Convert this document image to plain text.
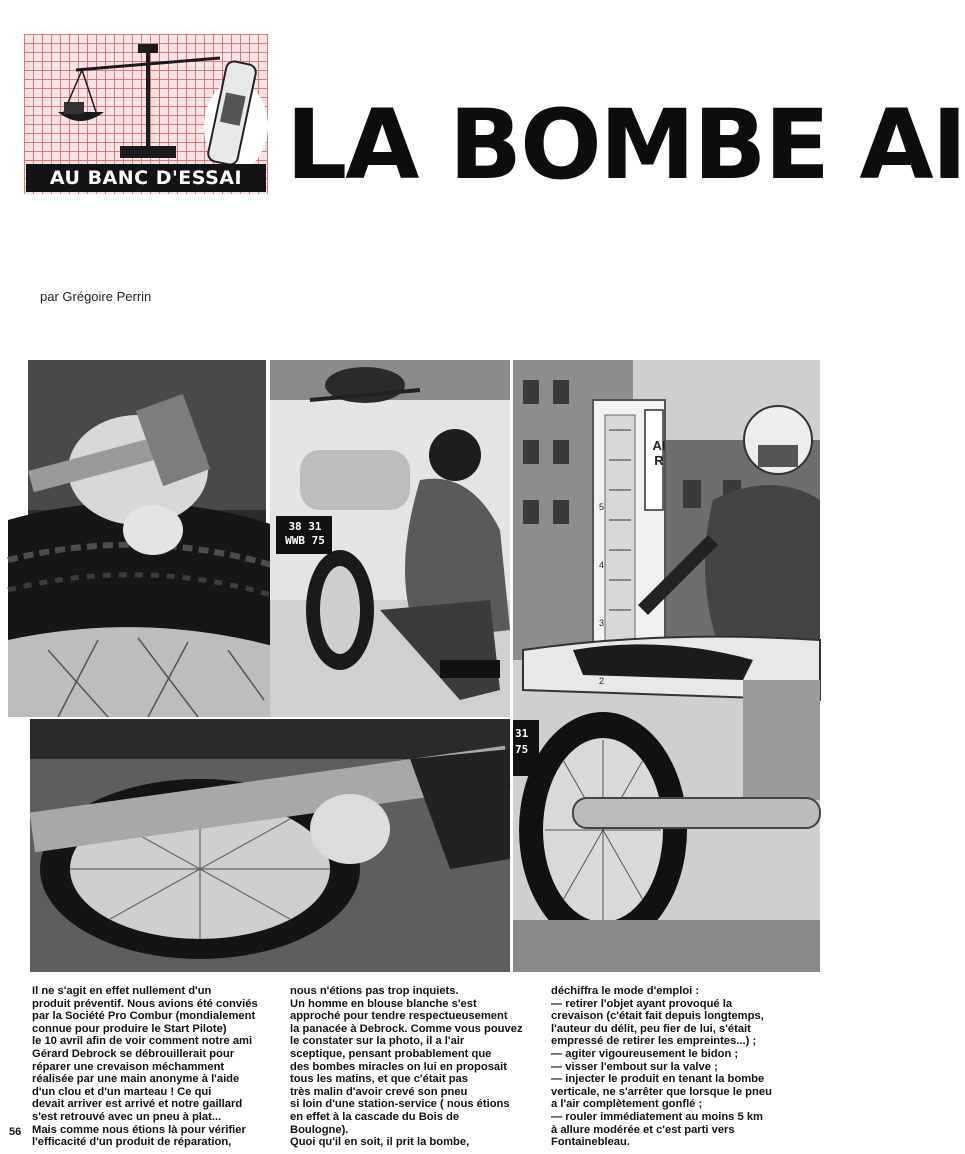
AU BANC D'ESSAI LA BOMBE AI
par Grégoire Perrin
38 31
WWB 75
AIR
5
4
3
2
31
75
Il ne s'agit en effet nullement d'un
produit préventif. Nous avions été conviés
par la Société Pro Combur (mondialement
connue pour produire le Start Pilote)
le 10 avril afin de voir comment notre ami
Gérard Debrock se débrouillerait pour
réparer une crevaison méchamment
réalisée par une main anonyme à l'aide
d'un clou et d'un marteau ! Ce qui
devait arriver est arrivé et notre gaillard
s'est retrouvé avec un pneu à plat...
Mais comme nous étions là pour vérifier
l'efficacité d'un produit de réparation,
nous n'étions pas trop inquiets.
Un homme en blouse blanche s'est
approché pour tendre respectueusement
la panacée à Debrock. Comme vous pouvez
le constater sur la photo, il a l'air
sceptique, pensant probablement que
des bombes miracles on lui en proposait
tous les matins, et que c'était pas
très malin d'avoir crevé son pneu
si loin d'une station-service ( nous étions
en effet à la cascade du Bois de
Boulogne).
Quoi qu'il en soit, il prit la bombe,
déchiffra le mode d'emploi :
— retirer l'objet ayant provoqué la
crevaison (c'était fait depuis longtemps,
l'auteur du délit, peu fier de lui, s'était
empressé de retirer les empreintes...) ;
— agiter vigoureusement le bidon ;
— visser l'embout sur la valve ;
— injecter le produit en tenant la bombe
verticale, ne s'arrêter que lorsque le pneu
a l'air complètement gonflé ;
— rouler immédiatement au moins 5 km
à allure modérée et c'est parti vers
Fontainebleau.
56
